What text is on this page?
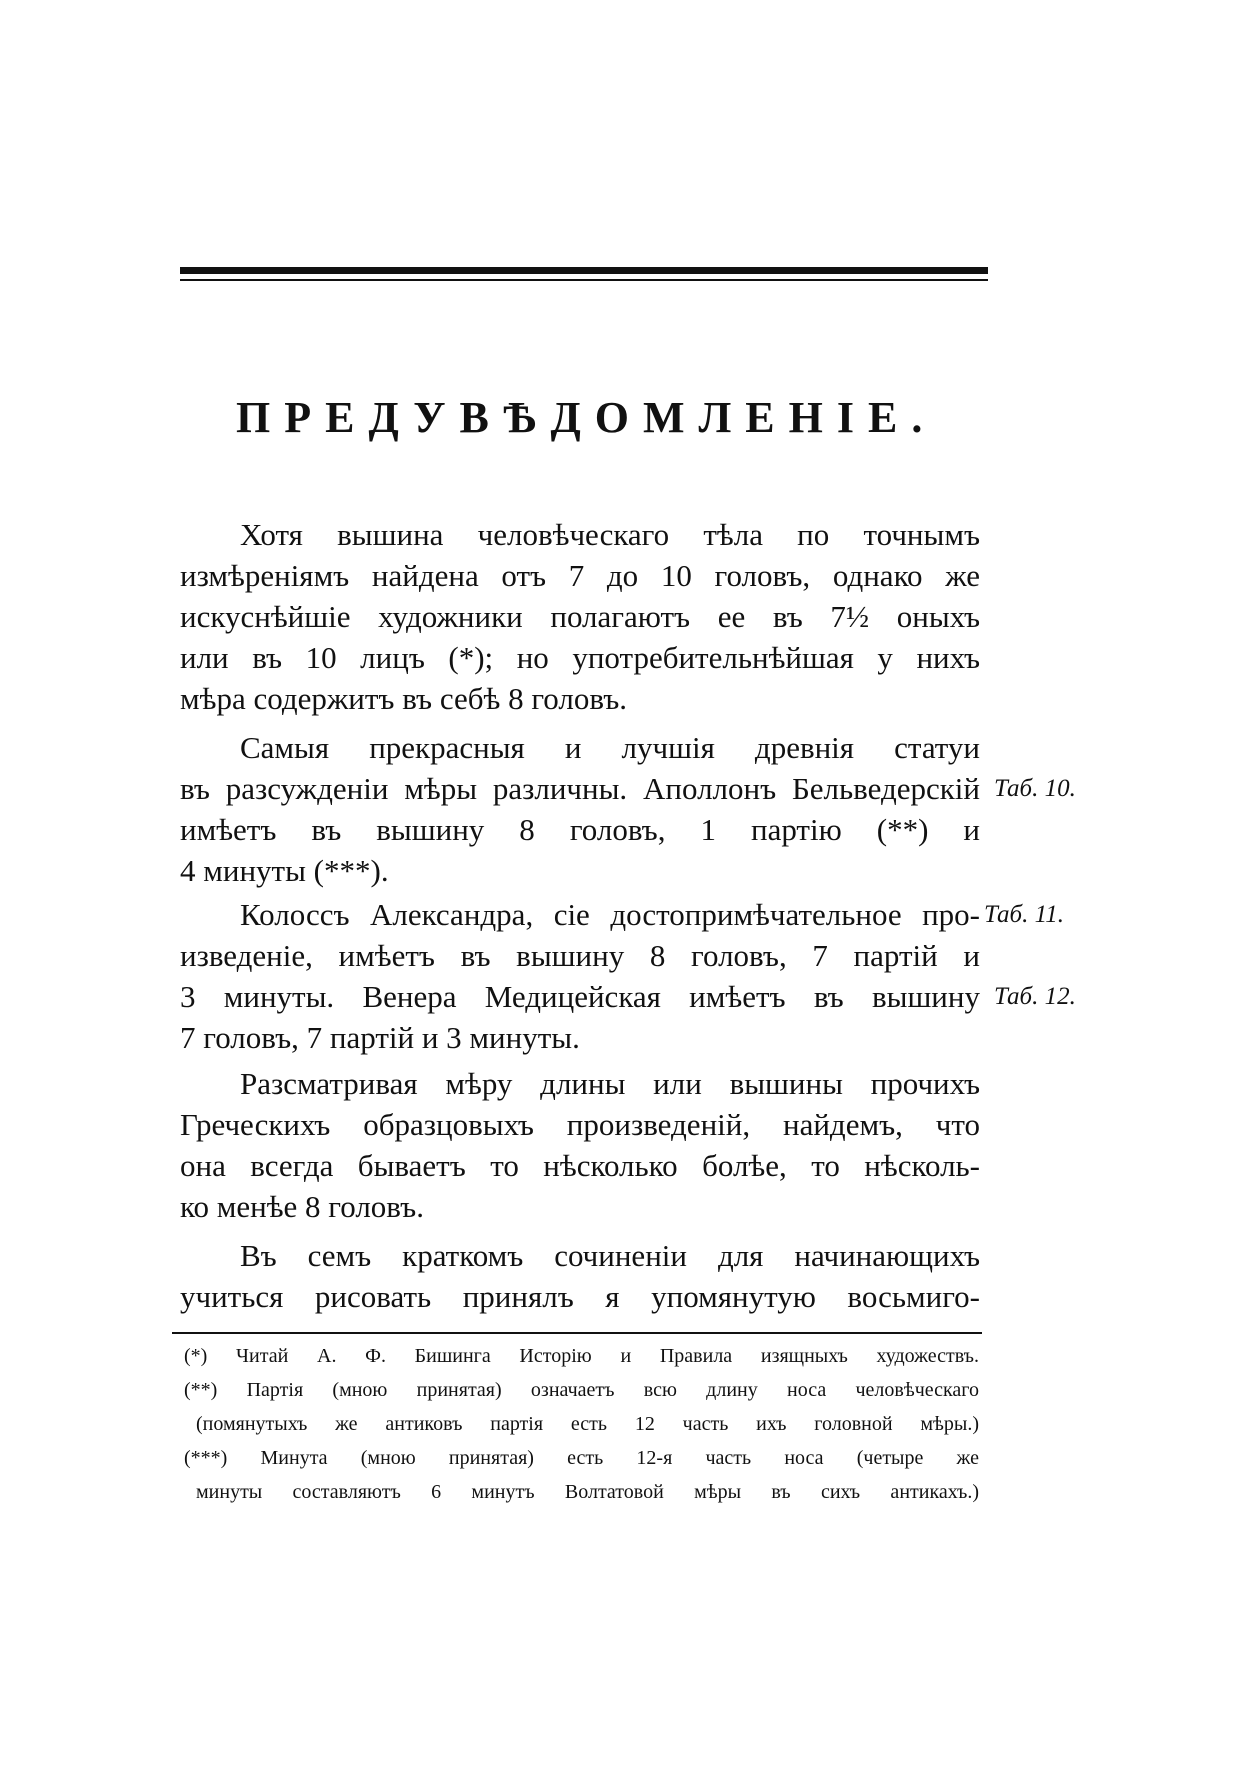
ПРЕДУВѢДОМЛЕНІЕ.
Хотя вышина человѣческаго тѣла по точнымъ
измѣреніямъ найдена отъ 7 до 10 головъ, однако же
искуснѣйшіе художники полагаютъ ее въ 7½ оныхъ
или въ 10 лицъ (*); но употребительнѣйшая у нихъ
мѣра содержитъ въ себѣ 8 головъ.
Самыя прекрасныя и лучшія древнія статуи
въ разсужденіи мѣры различны. Аполлонъ Бельведерскій
имѣетъ въ вышину 8 головъ, 1 партію (**) и
4 минуты (***).
Колоссъ Александра, сіе достопримѣчательное про-
изведеніе, имѣетъ въ вышину 8 головъ, 7 партій и
3 минуты. Венера Медицейская имѣетъ въ вышину
7 головъ, 7 партій и 3 минуты.
Разсматривая мѣру длины или вышины прочихъ
Греческихъ образцовыхъ произведеній, найдемъ, что
она всегда бываетъ то нѣсколько болѣе, то нѣсколь-
ко менѣе 8 головъ.
Въ семъ краткомъ сочиненіи для начинающихъ
учиться рисовать принялъ я упомянутую восьмиго-
Таб. 10.
Таб. 11.
Таб. 12.
(*) Читай А. Ф. Бишинга Исторію и Правила изящныхъ художествъ.
(**) Партія (мною принятая) означаетъ всю длину носа человѣческаго
(помянутыхъ же антиковъ партія есть 12 часть ихъ головной мѣры.)
(***) Минута (мною принятая) есть 12-я часть носа (четыре же
минуты составляютъ 6 минутъ Волтатовой мѣры въ сихъ антикахъ.)
